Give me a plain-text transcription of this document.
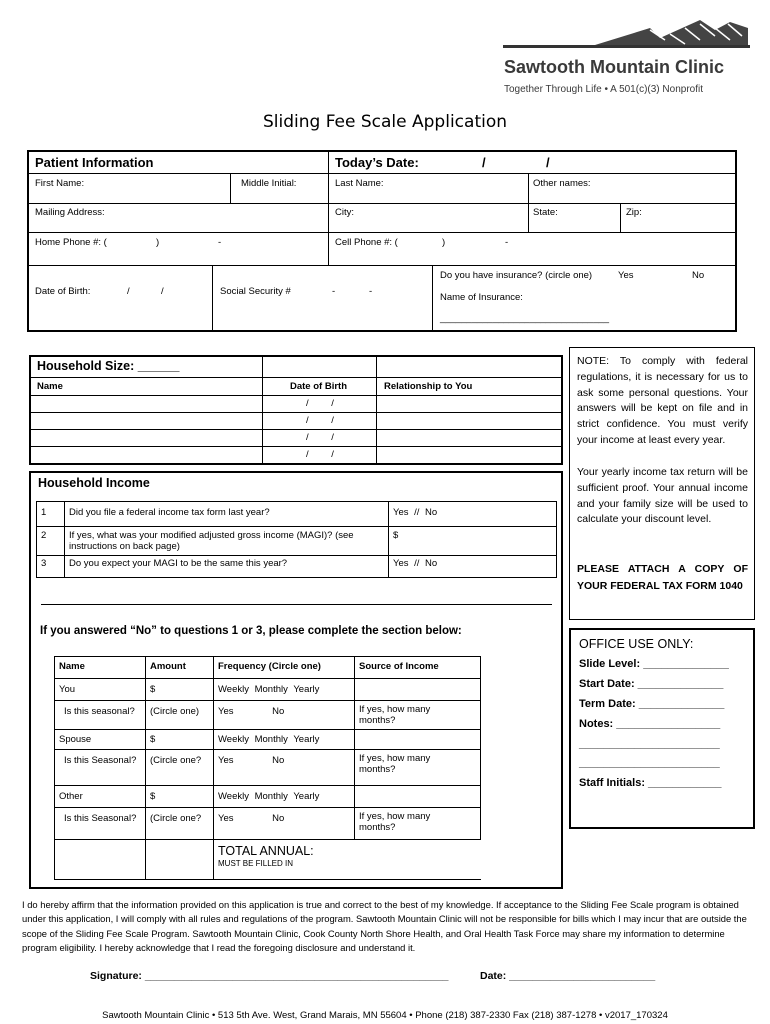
Sawtooth Mountain Clinic
Together Through Life • A 501(c)(3) Nonprofit
Sliding Fee Scale Application
Patient Information	Today’s Date:	/	/
First Name:	Middle Initial:	Last Name:	Other names:
Mailing Address:	City:	State:	Zip:
Home Phone #: (	)	-	Cell Phone #: (	)	-
Date of Birth:	/	/	Social Security #	-	-
Do you have insurance? (circle one)	Yes	No
Name of Insurance:
________________________________
Household Size: ______
Name	Date of Birth	Relationship to You
/ /
/ /
/ /
/ /
Household Income
1	Did you file a federal income tax form last year?	Yes // No
2	If yes, what was your modified adjusted gross income (MAGI)? (see instructions on back page)	$
3	Do you expect your MAGI to be the same this year?	Yes // No
If you answered “No” to questions 1 or 3, please complete the section below:
Name	Amount	Frequency (Circle one)	Source of Income
You	$	Weekly Monthly Yearly	
Is this seasonal?	(Circle one)	Yes No	If yes, how many months?
Spouse	$	Weekly Monthly Yearly	
Is this Seasonal?	(Circle one?	Yes No	If yes, how many months?
Other	$	Weekly Monthly Yearly	
Is this Seasonal?	(Circle one?	Yes No	If yes, how many months?

		TOTAL ANNUAL:
MUST BE FILLED IN	
NOTE: To comply with federal regulations, it is necessary for us to ask some personal questions. Your answers will be kept on file and in strict confidence. You must verify your income at least every year.
Your yearly income tax return will be sufficient proof. Your annual income and your family size will be used to calculate your discount level.
PLEASE ATTACH A COPY OF YOUR FEDERAL TAX FORM 1040
OFFICE USE ONLY:
Slide Level: ______________
Start Date: ______________
Term Date: ______________
Notes: _________________
_______________________
_______________________
Staff Initials: ____________
I do hereby affirm that the information provided on this application is true and correct to the best of my knowledge. If acceptance to the Sliding Fee Scale program is obtained under this application, I will comply with all rules and regulations of the program. Sawtooth Mountain Clinic will not be responsible for bills which I may incur that are outside the scope of the Sliding Fee Scale Program. Sawtooth Mountain Clinic, Cook County North Shore Health, and Oral Health Task Force may share my information to determine program eligibility. I hereby acknowledge that I read the foregoing disclosure and understand it.
Signature: ____________________________________________________	Date: _________________________
Sawtooth Mountain Clinic • 513 5th Ave. West, Grand Marais, MN 55604 • Phone (218) 387-2330 Fax (218) 387-1278 • v2017_170324
